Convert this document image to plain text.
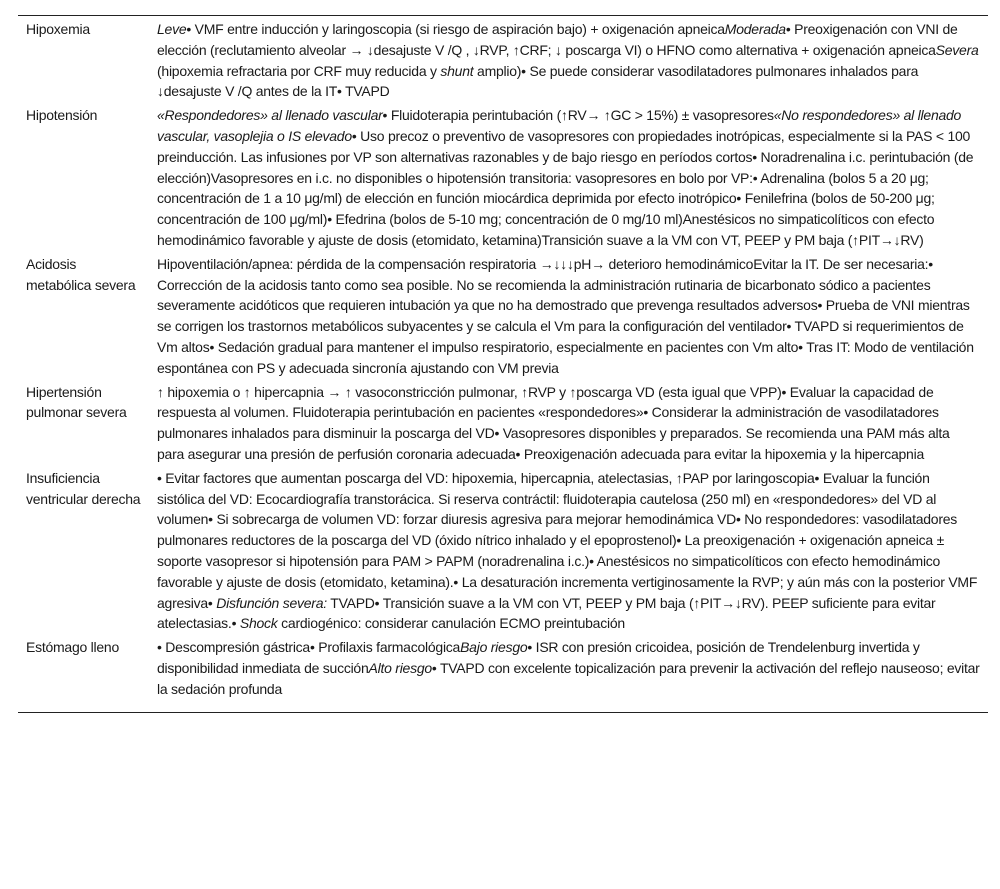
Hipoxemia	Leve• VMF entre inducción y laringoscopia (si riesgo de aspiración bajo) + oxigenación apneicaModerada• Preoxigenación con VNI de elección (reclutamiento alveolar → ↓desajuste V /Q , ↓RVP, ↑CRF; ↓ poscarga VI) o HFNO como alternativa + oxigenación apneicaSevera (hipoxemia refractaria por CRF muy reducida y shunt amplio)• Se puede considerar vasodilatadores pulmonares inhalados para ↓desajuste V /Q antes de la IT• TVAPD
Hipotensión	«Respondedores» al llenado vascular• Fluidoterapia perintubación (↑RV→ ↑GC > 15%) ± vasopresores«No respondedores» al llenado vascular, vasoplejia o IS elevado• Uso precoz o preventivo de vasopresores con propiedades inotrópicas, especialmente si la PAS < 100 preinducción. Las infusiones por VP son alternativas razonables y de bajo riesgo en períodos cortos• Noradrenalina i.c. perintubación (de elección)Vasopresores en i.c. no disponibles o hipotensión transitoria: vasopresores en bolo por VP:• Adrenalina (bolos 5 a 20 μg; concentración de 1 a 10 μg/ml) de elección en función miocárdica deprimida por efecto inotrópico• Fenilefrina (bolos de 50-200 μg; concentración de 100 μg/ml)• Efedrina (bolos de 5-10 mg; concentración de 0 mg/10 ml)Anestésicos no simpaticolíticos con efecto hemodinámico favorable y ajuste de dosis (etomidato, ketamina)Transición suave a la VM con VT, PEEP y PM baja (↑PIT→↓RV)
Acidosis metabólica severa	Hipoventilación/apnea: pérdida de la compensación respiratoria →↓↓↓pH→ deterioro hemodinámicoEvitar la IT. De ser necesaria:• Corrección de la acidosis tanto como sea posible. No se recomienda la administración rutinaria de bicarbonato sódico a pacientes severamente acidóticos que requieren intubación ya que no ha demostrado que prevenga resultados adversos• Prueba de VNI mientras se corrigen los trastornos metabólicos subyacentes y se calcula el Vm para la configuración del ventilador• TVAPD si requerimientos de Vm altos• Sedación gradual para mantener el impulso respiratorio, especialmente en pacientes con Vm alto• Tras IT: Modo de ventilación espontánea con PS y adecuada sincronía ajustando con VM previa
Hipertensión pulmonar severa	↑ hipoxemia o ↑ hipercapnia → ↑ vasoconstricción pulmonar, ↑RVP y ↑poscarga VD (esta igual que VPP)• Evaluar la capacidad de respuesta al volumen. Fluidoterapia perintubación en pacientes «respondedores»• Considerar la administración de vasodilatadores pulmonares inhalados para disminuir la poscarga del VD• Vasopresores disponibles y preparados. Se recomienda una PAM más alta para asegurar una presión de perfusión coronaria adecuada• Preoxigenación adecuada para evitar la hipoxemia y la hipercapnia
Insuficiencia ventricular derecha	• Evitar factores que aumentan poscarga del VD: hipoxemia, hipercapnia, atelectasias, ↑PAP por laringoscopia• Evaluar la función sistólica del VD: Ecocardiografía transtorácica. Si reserva contráctil: fluidoterapia cautelosa (250 ml) en «respondedores» del VD al volumen• Si sobrecarga de volumen VD: forzar diuresis agresiva para mejorar hemodinámica VD• No respondedores: vasodilatadores pulmonares reductores de la poscarga del VD (óxido nítrico inhalado y el epoprostenol)• La preoxigenación + oxigenación apneica ± soporte vasopresor si hipotensión para PAM > PAPM (noradrenalina i.c.)• Anestésicos no simpaticolíticos con efecto hemodinámico favorable y ajuste de dosis (etomidato, ketamina).• La desaturación incrementa vertiginosamente la RVP; y aún más con la posterior VMF agresiva• Disfunción severa: TVAPD• Transición suave a la VM con VT, PEEP y PM baja (↑PIT→↓RV). PEEP suficiente para evitar atelectasias.• Shock cardiogénico: considerar canulación ECMO preintubación
Estómago lleno	• Descompresión gástrica• Profilaxis farmacológicaBajo riesgo• ISR con presión cricoidea, posición de Trendelenburg invertida y disponibilidad inmediata de succiónAlto riesgo• TVAPD con excelente topicalización para prevenir la activación del reflejo nauseoso; evitar la sedación profunda
